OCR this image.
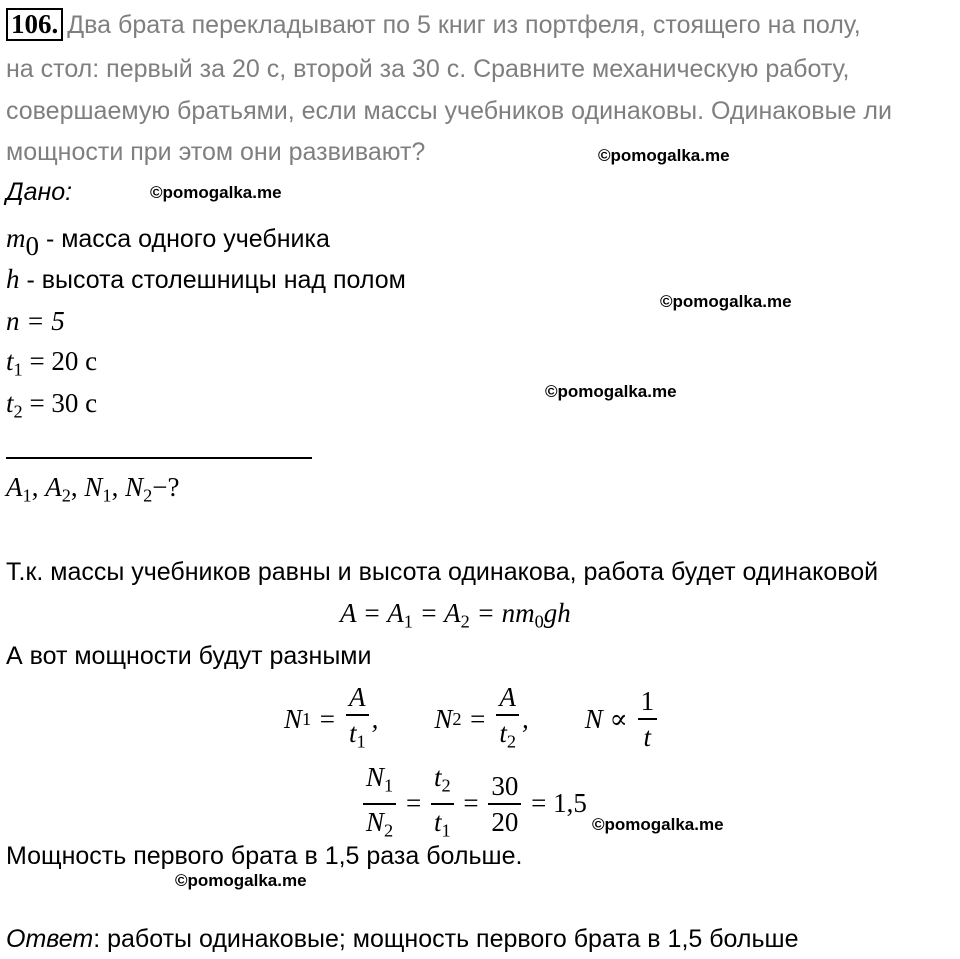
106. Два брата перекладывают по 5 книг из портфеля, стоящего на полу,
на стол: первый за 20 с, второй за 30 с. Сравните механическую работу,
совершаемую братьями, если массы учебников одинаковы. Одинаковые ли
мощности при этом они развивают?	©pomogalka.me
©pomogalka.me
©pomogalka.me
©pomogalka.me
©pomogalka.me
©pomogalka.me
Дано:
$m_0$ - масса одного учебника
h - высота столешницы над полом
n = 5
$t_1 = 20$ с
$t_2 = 30$ с
$A_1$, $A_2$, $N_1$, $N_2-$?
Т.к. массы учебников равны и высота одинакова, работа будет одинаковой
$A = A_1 = A_2 = nm_0gh$
А вот мощности будут разными
N $1 = \frac{A}{t_1}$ , N $2 = \frac{A}{t_2}$ , $N \propto \frac{1}{t}$
$\frac{N_1}{N_2} = \frac{t_2}{t_1} = \frac{30}{20} = 1,5$
Мощность первого брата в 1,5 раза больше.
Ответ: работы одинаковые; мощность первого брата в 1,5 больше
